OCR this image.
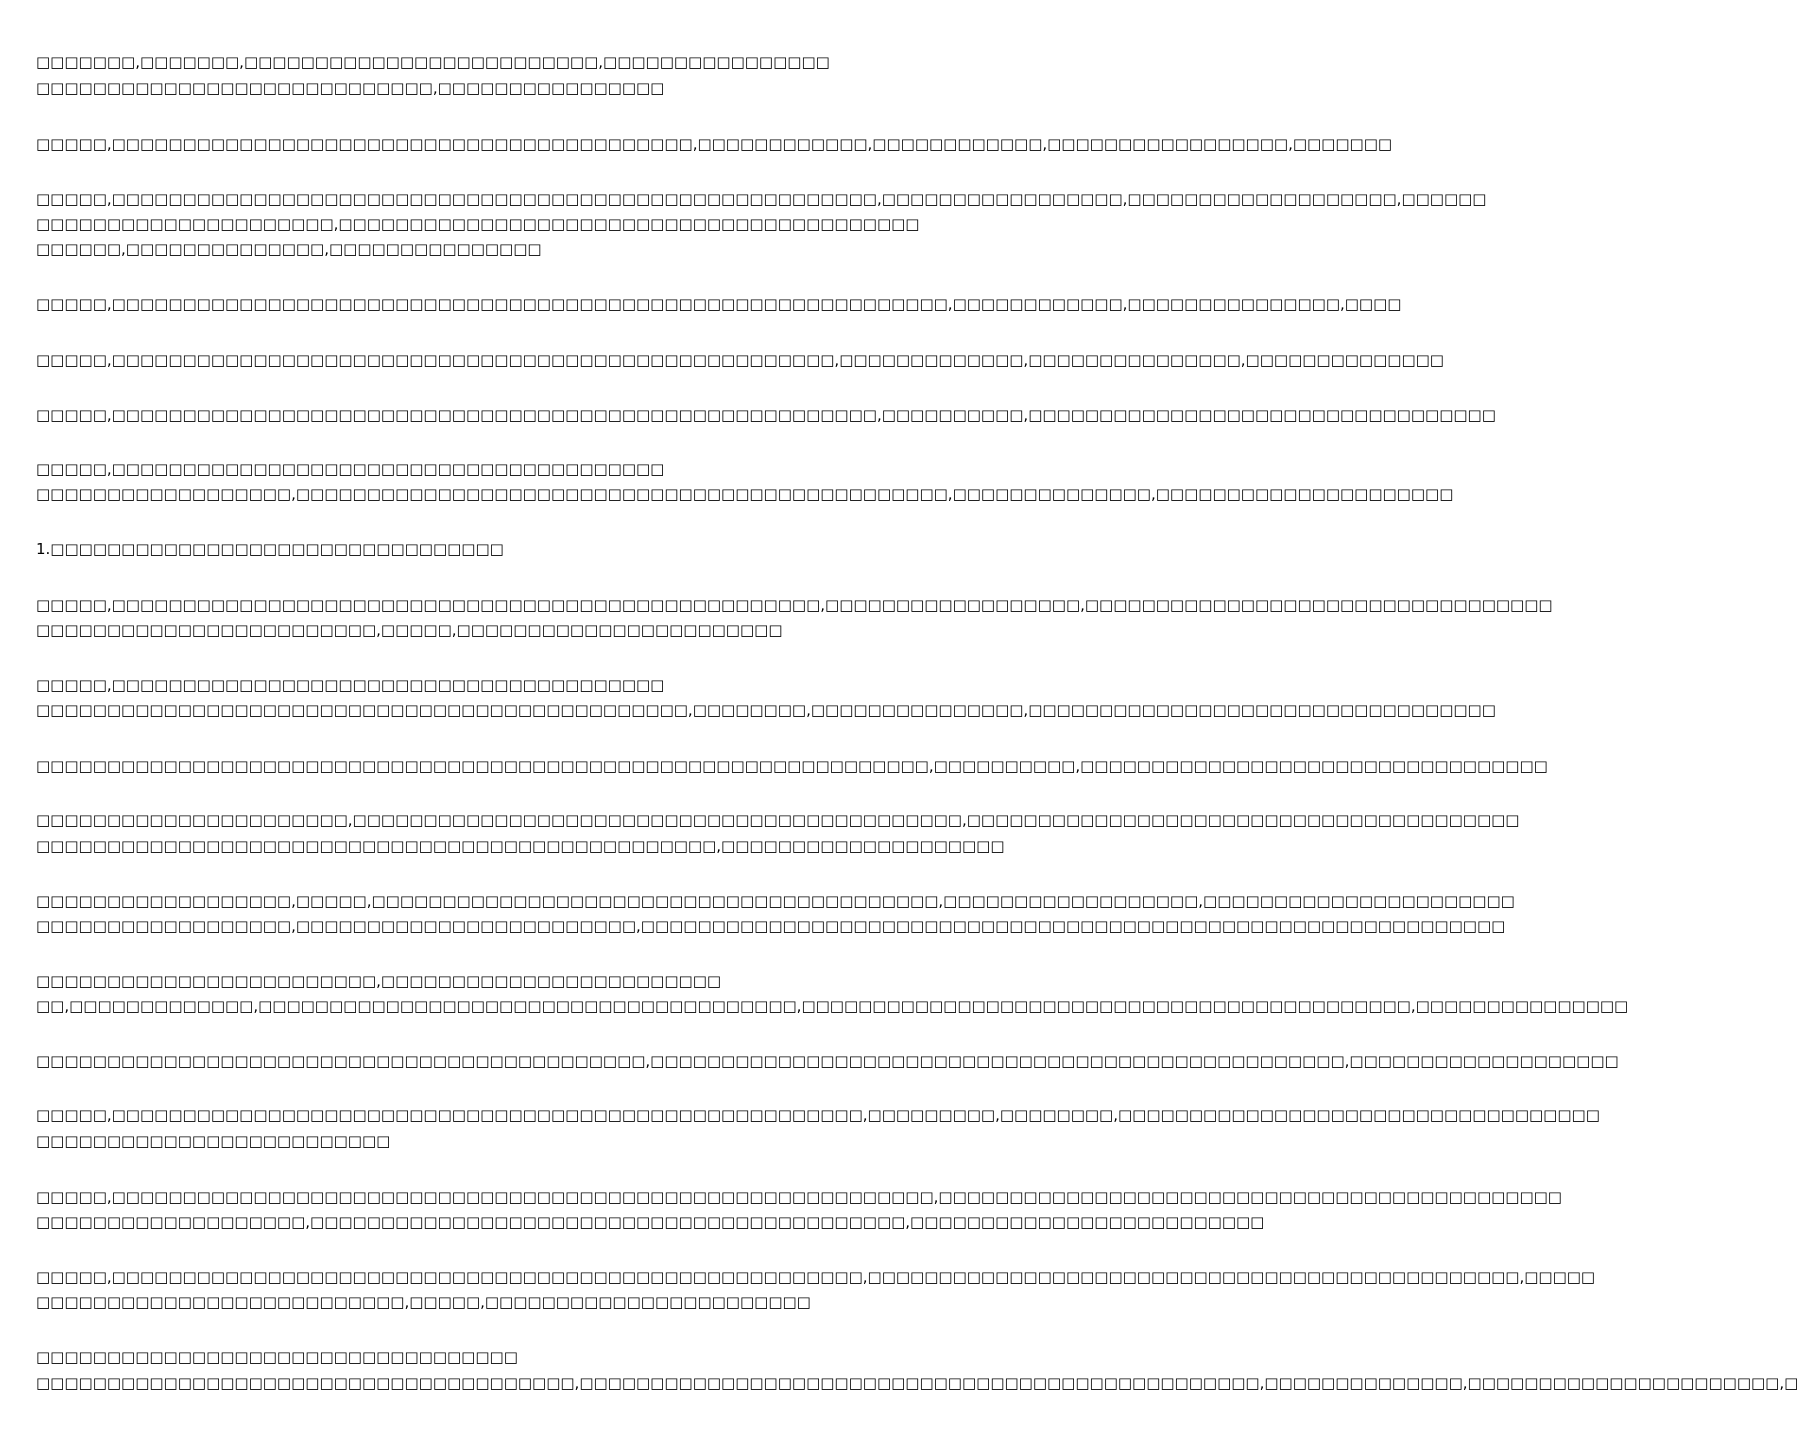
□□□□□□□,□□□□□□□,□□□□□□□□□□□□□□□□□□□□□□□□□,□□□□□□□□□□□□□□□□
□□□□□□□□□□□□□□□□□□□□□□□□□□□□,□□□□□□□□□□□□□□□□
□□□□□,□□□□□□□□□□□□□□□□□□□□□□□□□□□□□□□□□□□□□□□□□,□□□□□□□□□□□□,□□□□□□□□□□□□,□□□□□□□□□□□□□□□□□,□□□□□□□
□□□□□,□□□□□□□□□□□□□□□□□□□□□□□□□□□□□□□□□□□□□□□□□□□□□□□□□□□□□□,□□□□□□□□□□□□□□□□□,□□□□□□□□□□□□□□□□□□□,□□□□□□
□□□□□□□□□□□□□□□□□□□□□,□□□□□□□□□□□□□□□□□□□□□□□□□□□□□□□□□□□□□□□□□
□□□□□□,□□□□□□□□□□□□□□,□□□□□□□□□□□□□□□
□□□□□,□□□□□□□□□□□□□□□□□□□□□□□□□□□□□□□□□□□□□□□□□□□□□□□□□□□□□□□□□□□,□□□□□□□□□□□□,□□□□□□□□□□□□□□□,□□□□
□□□□□,□□□□□□□□□□□□□□□□□□□□□□□□□□□□□□□□□□□□□□□□□□□□□□□□□□□,□□□□□□□□□□□□□,□□□□□□□□□□□□□□□,□□□□□□□□□□□□□□
□□□□□,□□□□□□□□□□□□□□□□□□□□□□□□□□□□□□□□□□□□□□□□□□□□□□□□□□□□□□,□□□□□□□□□□,□□□□□□□□□□□□□□□□□□□□□□□□□□□□□□□□□
□□□□□,□□□□□□□□□□□□□□□□□□□□□□□□□□□□□□□□□□□□□□□
□□□□□□□□□□□□□□□□□□,□□□□□□□□□□□□□□□□□□□□□□□□□□□□□□□□□□□□□□□□□□□□□□,□□□□□□□□□□□□□□,□□□□□□□□□□□□□□□□□□□□□
1.□□□□□□□□□□□□□□□□□□□□□□□□□□□□□□□□
□□□□□,□□□□□□□□□□□□□□□□□□□□□□□□□□□□□□□□□□□□□□□□□□□□□□□□□□,□□□□□□□□□□□□□□□□□□,□□□□□□□□□□□□□□□□□□□□□□□□□□□□□□□□□
□□□□□□□□□□□□□□□□□□□□□□□□,□□□□□,□□□□□□□□□□□□□□□□□□□□□□□
□□□□□,□□□□□□□□□□□□□□□□□□□□□□□□□□□□□□□□□□□□□□□
□□□□□□□□□□□□□□□□□□□□□□□□□□□□□□□□□□□□□□□□□□□□□□,□□□□□□□□,□□□□□□□□□□□□□□□,□□□□□□□□□□□□□□□□□□□□□□□□□□□□□□□□□
□□□□□□□□□□□□□□□□□□□□□□□□□□□□□□□□□□□□□□□□□□□□□□□□□□□□□□□□□□□□□□□,□□□□□□□□□□,□□□□□□□□□□□□□□□□□□□□□□□□□□□□□□□□□
□□□□□□□□□□□□□□□□□□□□□□,□□□□□□□□□□□□□□□□□□□□□□□□□□□□□□□□□□□□□□□□□□□,□□□□□□□□□□□□□□□□□□□□□□□□□□□□□□□□□□□□□□□
□□□□□□□□□□□□□□□□□□□□□□□□□□□□□□□□□□□□□□□□□□□□□□□□,□□□□□□□□□□□□□□□□□□□□
□□□□□□□□□□□□□□□□□□,□□□□□,□□□□□□□□□□□□□□□□□□□□□□□□□□□□□□□□□□□□□□□□,□□□□□□□□□□□□□□□□□□,□□□□□□□□□□□□□□□□□□□□□□
□□□□□□□□□□□□□□□□□□,□□□□□□□□□□□□□□□□□□□□□□□□,□□□□□□□□□□□□□□□□□□□□□□□□□□□□□□□□□□□□□□□□□□□□□□□□□□□□□□□□□□□□□
□□□□□□□□□□□□□□□□□□□□□□□□,□□□□□□□□□□□□□□□□□□□□□□□□
□□,□□□□□□□□□□□□□,□□□□□□□□□□□□□□□□□□□□□□□□□□□□□□□□□□□□□□,□□□□□□□□□□□□□□□□□□□□□□□□□□□□□□□□□□□□□□□□□□□,□□□□□□□□□□□□□□□
□□□□□□□□□□□□□□□□□□□□□□□□□□□□□□□□□□□□□□□□□□□,□□□□□□□□□□□□□□□□□□□□□□□□□□□□□□□□□□□□□□□□□□□□□□□□□,□□□□□□□□□□□□□□□□□□□
□□□□□,□□□□□□□□□□□□□□□□□□□□□□□□□□□□□□□□□□□□□□□□□□□□□□□□□□□□□,□□□□□□□□□,□□□□□□□□,□□□□□□□□□□□□□□□□□□□□□□□□□□□□□□□□□□
□□□□□□□□□□□□□□□□□□□□□□□□□
□□□□□,□□□□□□□□□□□□□□□□□□□□□□□□□□□□□□□□□□□□□□□□□□□□□□□□□□□□□□□□□□,□□□□□□□□□□□□□□□□□□□□□□□□□□□□□□□□□□□□□□□□□□□□
□□□□□□□□□□□□□□□□□□□,□□□□□□□□□□□□□□□□□□□□□□□□□□□□□□□□□□□□□□□□□□,□□□□□□□□□□□□□□□□□□□□□□□□□
□□□□□,□□□□□□□□□□□□□□□□□□□□□□□□□□□□□□□□□□□□□□□□□□□□□□□□□□□□□,□□□□□□□□□□□□□□□□□□□□□□□□□□□□□□□□□□□□□□□□□□□□□□,□□□□□
□□□□□□□□□□□□□□□□□□□□□□□□□□,□□□□□,□□□□□□□□□□□□□□□□□□□□□□□
□□□□□□□□□□□□□□□□□□□□□□□□□□□□□□□□□□
□□□□□□□□□□□□□□□□□□□□□□□□□□□□□□□□□□□□□□,□□□□□□□□□□□□□□□□□□□□□□□□□□□□□□□□□□□□□□□□□□□□□□□□,□□□□□□□□□□□□□□,□□□□□□□□□□□□□□□□□□□□□□,□
